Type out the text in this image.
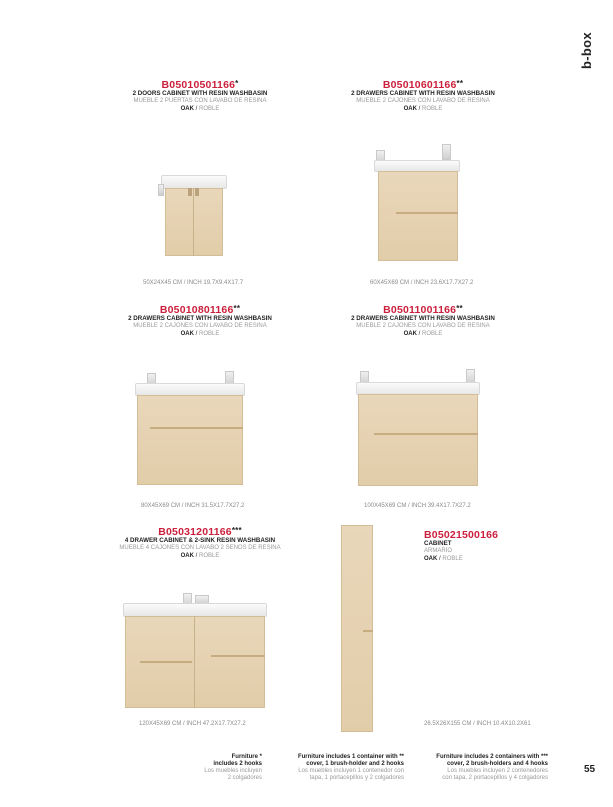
b-box
B05010501166*
2 DOORS CABINET WITH RESIN WASHBASIN
MUEBLE 2 PUERTAS CON LAVABO DE RESINA
OAK / ROBLE
50X24X45 CM / INCH 19.7X9.4X17.7
B05010601166**
2 DRAWERS CABINET WITH RESIN WASHBASIN
MUEBLE 2 CAJONES CON LAVABO DE RESINA
OAK / ROBLE
60X45X69 CM / INCH 23.6X17.7X27.2
B05010801166**
2 DRAWERS CABINET WITH RESIN WASHBASIN
MUEBLE 2 CAJONES CON LAVABO DE RESINA
OAK / ROBLE
80X45X69 CM / INCH 31.5X17.7X27.2
B05011001166**
2 DRAWERS CABINET WITH RESIN WASHBASIN
MUEBLE 2 CAJONES CON LAVABO DE RESINA
OAK / ROBLE
100X45X69 CM / INCH 39.4X17.7X27.2
B05031201166***
4 DRAWER CABINET & 2-SINK RESIN WASHBASIN
MUEBLE 4 CAJONES CON LAVABO 2 SENOS DE RESINA
OAK / ROBLE
120X45X69 CM / INCH 47.2X17.7X27.2
B05021500166
CABINET
ARMARIO
OAK / ROBLE
26.5X26X155 CM / INCH 10.4X10.2X61
Furniture *
includes 2 hooks
Los muebles incluyen
2 colgadores
Furniture includes 1 container with **
cover, 1 brush-holder and 2 hooks
Los muebles incluyen 1 contenedor con
tapa, 1 portacepillos y 2 colgadores
Furniture includes 2 containers with ***
cover, 2 brush-holders and 4 hooks
Los muebles incluyen 2 contenedores
con tapa, 2 portacepillos y 4 colgadores
55
